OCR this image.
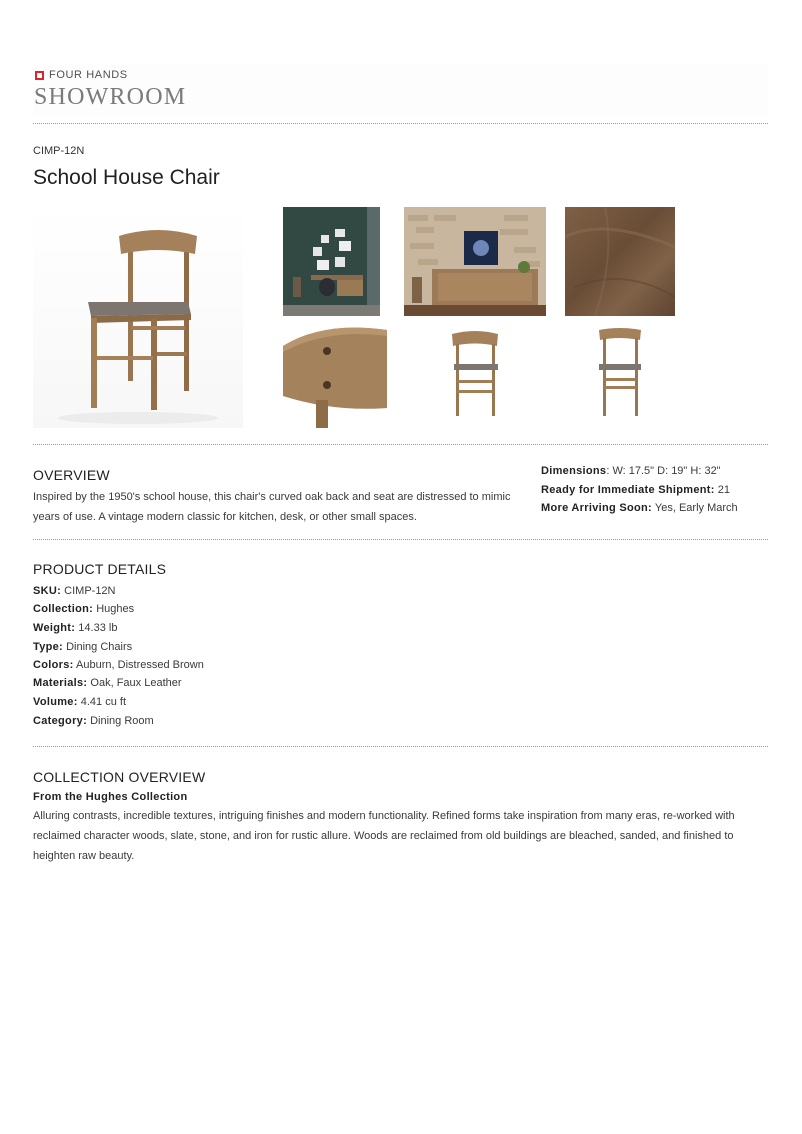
FOUR HANDS
SHOWROOM
CIMP-12N
School House Chair
OVERVIEW
Inspired by the 1950's school house, this chair's curved oak back and seat are distressed to mimic years of use. A vintage modern classic for kitchen, desk, or other small spaces.
Dimensions: W: 17.5" D: 19" H: 32"
Ready for Immediate Shipment: 21
More Arriving Soon: Yes, Early March
PRODUCT DETAILS
SKU: CIMP-12N
Collection: Hughes
Weight: 14.33 lb
Type: Dining Chairs
Colors: Auburn, Distressed Brown
Materials: Oak, Faux Leather
Volume: 4.41 cu ft
Category: Dining Room
COLLECTION OVERVIEW
From the Hughes Collection
Alluring contrasts, incredible textures, intriguing finishes and modern functionality. Refined forms take inspiration from many eras, re-worked with reclaimed character woods, slate, stone, and iron for rustic allure. Woods are reclaimed from old buildings are bleached, sanded, and finished to heighten raw beauty.
